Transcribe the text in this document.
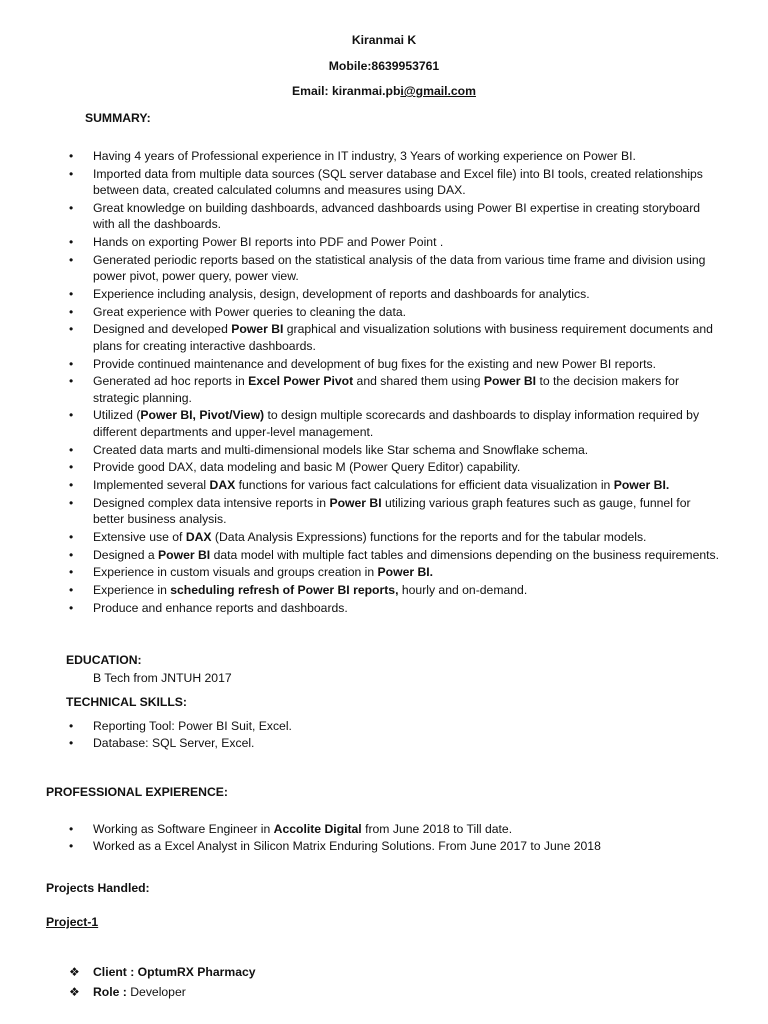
Kiranmai K
Mobile:8639953761
Email: kiranmai.pbi@gmail.com
SUMMARY:
• Having 4 years of Professional experience in IT industry, 3 Years of working experience on Power BI.
• Imported data from multiple data sources (SQL server database and Excel file) into BI tools, created relationships between data, created calculated columns and measures using DAX.
• Great knowledge on building dashboards, advanced dashboards using Power BI expertise in creating storyboard with all the dashboards.
• Hands on exporting Power BI reports into PDF and Power Point .
• Generated periodic reports based on the statistical analysis of the data from various time frame and division using power pivot, power query, power view.
• Experience including analysis, design, development of reports and dashboards for analytics.
• Great experience with Power queries to cleaning the data.
• Designed and developed Power BI graphical and visualization solutions with business requirement documents and plans for creating interactive dashboards.
• Provide continued maintenance and development of bug fixes for the existing and new Power BI reports.
• Generated ad hoc reports in Excel Power Pivot and shared them using Power BI to the decision makers for strategic planning.
• Utilized (Power BI, Pivot/View) to design multiple scorecards and dashboards to display information required by different departments and upper-level management.
• Created data marts and multi-dimensional models like Star schema and Snowflake schema.
• Provide good DAX, data modeling and basic M (Power Query Editor) capability.
• Implemented several DAX functions for various fact calculations for efficient data visualization in Power BI.
• Designed complex data intensive reports in Power BI utilizing various graph features such as gauge, funnel for better business analysis.
• Extensive use of DAX (Data Analysis Expressions) functions for the reports and for the tabular models.
• Designed a Power BI data model with multiple fact tables and dimensions depending on the business requirements.
• Experience in custom visuals and groups creation in Power BI.
• Experience in scheduling refresh of Power BI reports, hourly and on-demand.
• Produce and enhance reports and dashboards.
EDUCATION:
B Tech from JNTUH 2017
TECHNICAL SKILLS:
• Reporting Tool: Power BI Suit, Excel.
• Database: SQL Server, Excel.
PROFESSIONAL EXPIERENCE:
• Working as Software Engineer in Accolite Digital from June 2018 to Till date.
• Worked as a Excel Analyst in Silicon Matrix Enduring Solutions. From June 2017 to June 2018
Projects Handled:
Project-1
❖ Client : OptumRX Pharmacy
❖ Role : Developer
